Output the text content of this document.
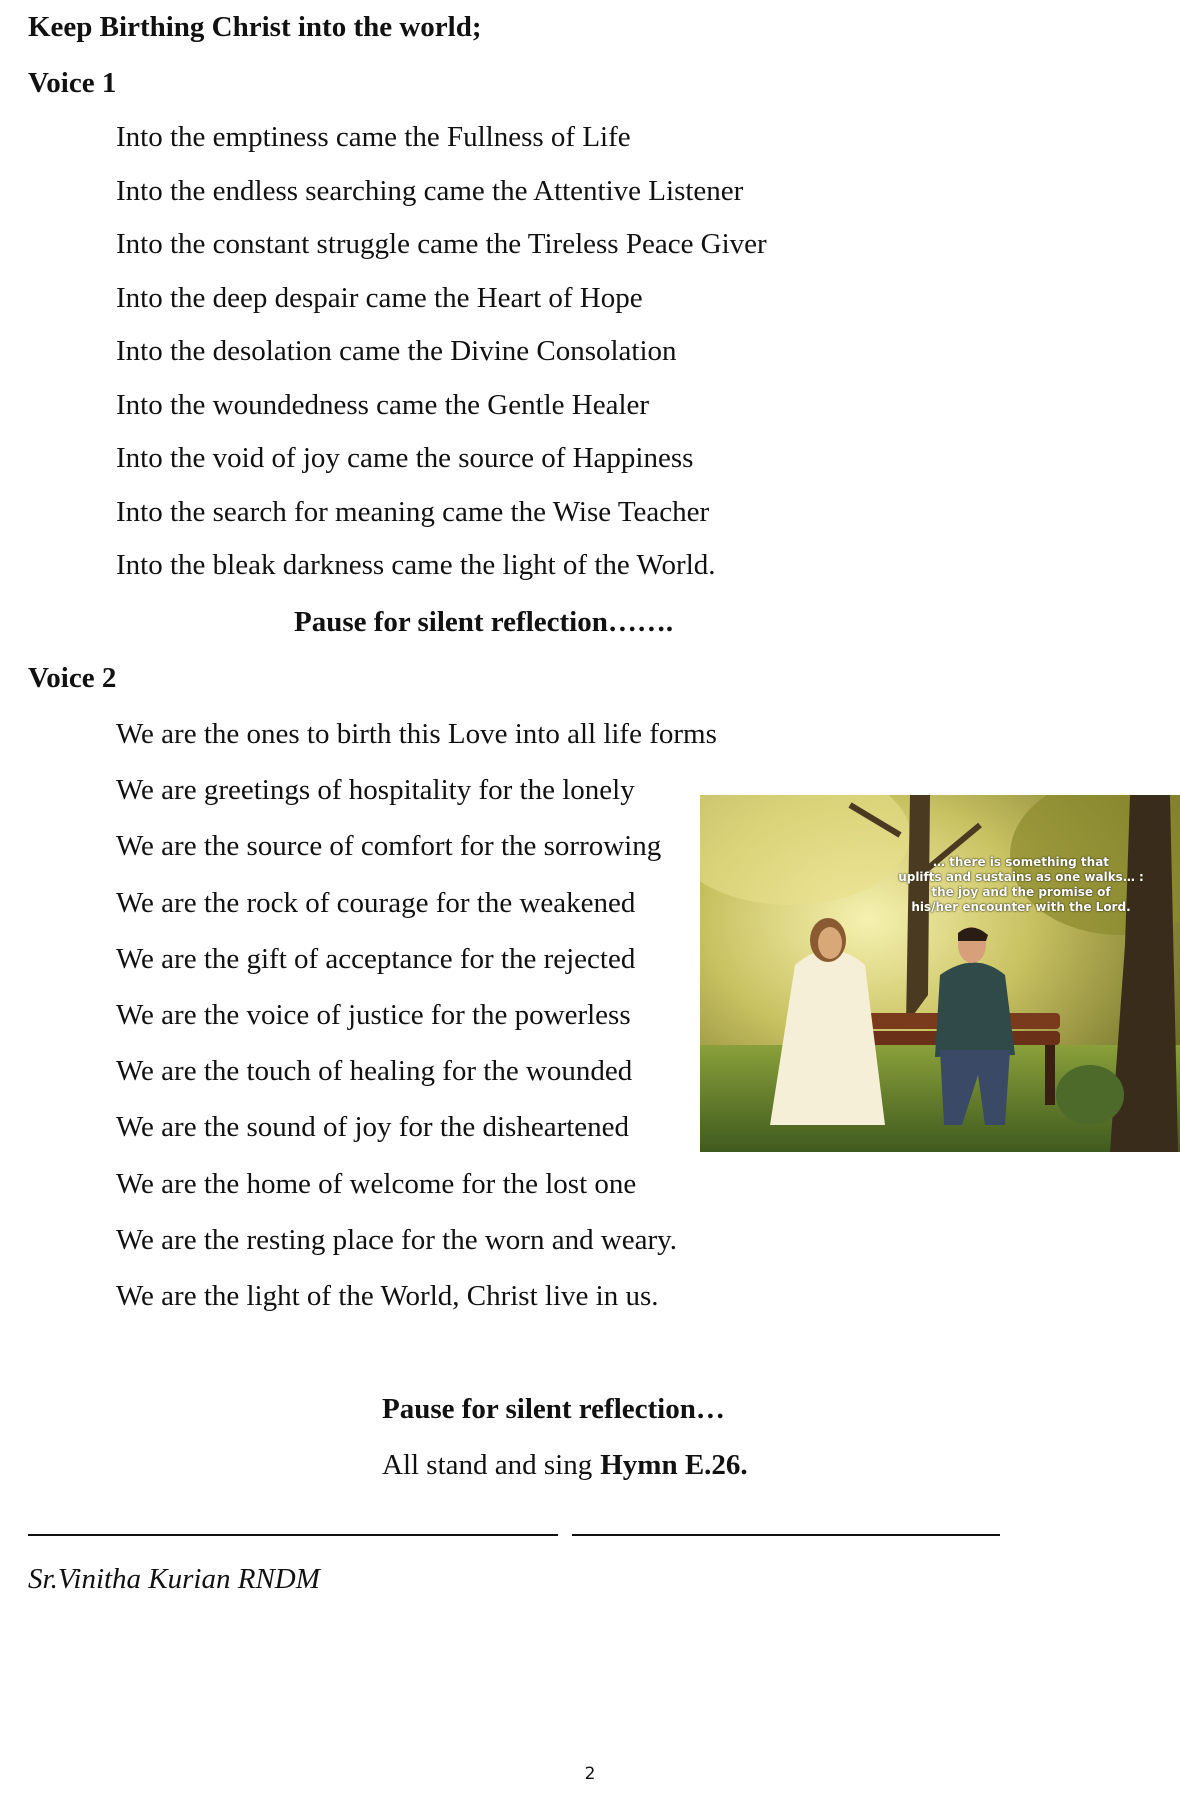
Keep Birthing Christ into the world;
Voice 1
Into the emptiness came the Fullness of Life
Into the endless searching came the Attentive Listener
Into the constant struggle came the Tireless Peace Giver
Into the deep despair came the Heart of Hope
Into the desolation came the Divine Consolation
Into the woundedness came the Gentle Healer
Into the void of joy came the source of Happiness
Into the search for meaning came the Wise Teacher
Into the bleak darkness came the light of the World.
Pause for silent reflection…….
Voice 2
We are the ones to birth this Love into all life forms
We are greetings of hospitality for the lonely
We are the source of comfort for the sorrowing
We are the rock of courage for the weakened
We are the gift of acceptance for the rejected
We are the voice of justice for the powerless
We are the touch of healing for the wounded
We are the sound of joy for the disheartened
We are the home of welcome for the lost one
We are the resting place for the worn and weary.
We are the light of the World, Christ live in us.
… there is something that
uplifts and sustains as one walks… :
the joy and the promise of
his/her encounter with the Lord.
Pause for silent reflection…
All stand and sing Hymn E.26.
Sr.Vinitha Kurian RNDM
2
